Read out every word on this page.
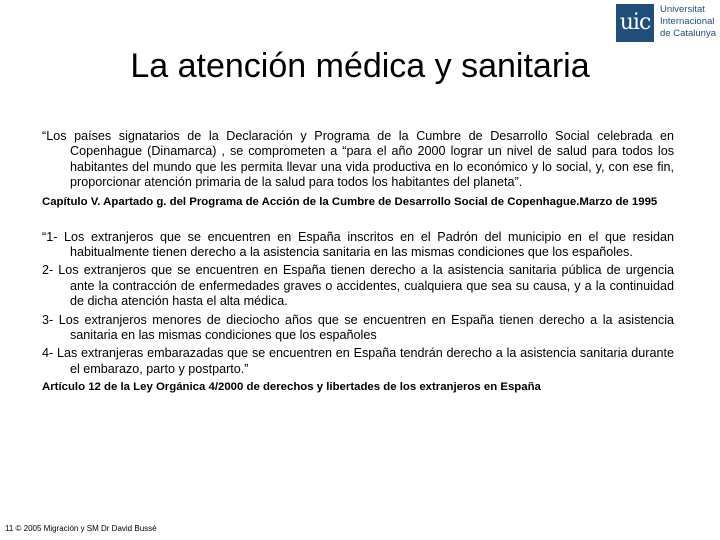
uic
Universitat
Internacional
de Catalunya
La atención médica y sanitaria

“Los países signatarios de la Declaración y Programa de la Cumbre de Desarrollo Social celebrada en Copenhague (Dinamarca) , se comprometen a “para el año 2000 lograr un nivel de salud para todos los habitantes del mundo que les permita llevar una vida productiva en lo económico y lo social, y, con ese fin, proporcionar atención primaria de la salud para todos los habitantes del planeta”.

Capítulo V. Apartado g. del Programa de Acción de la Cumbre de Desarrollo Social de Copenhague.Marzo de 1995

“1- Los extranjeros que se encuentren en España inscritos en el Padrón del municipio en el que residan habitualmente tienen derecho a la asistencia sanitaria en las mismas condiciones que los españoles.

2- Los extranjeros que se encuentren en España tienen derecho a la asistencia sanitaria pública de urgencia ante la contracción de enfermedades graves o accidentes, cualquiera que sea su causa, y a la continuidad de dicha atención hasta el alta médica.

3- Los extranjeros menores de dieciocho años que se encuentren en España tienen derecho a la asistencia sanitaria en las mismas condiciones que los españoles

4- Las extranjeras embarazadas que se encuentren en España tendrán derecho a la asistencia sanitaria durante el embarazo, parto y postparto.”

Artículo 12 de la Ley Orgánica 4/2000 de derechos y libertades de los extranjeros en España

11 © 2005 Migración y SM Dr David Bussé
